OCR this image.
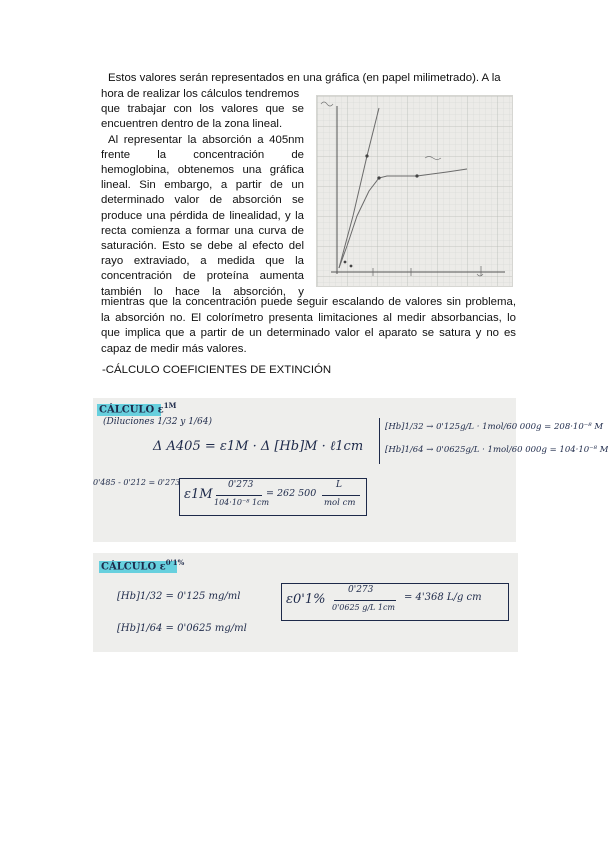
Estos valores serán representados en una gráfica (en papel milimetrado). A la
hora de realizar los cálculos tendremos
que trabajar con los valores que se
encuentren dentro de la zona lineal.
Al representar la absorción a 405nm
frente la concentración de
hemoglobina, obtenemos una gráfica
lineal. Sin embargo, a partir de un
determinado valor de absorción se
produce una pérdida de linealidad, y la
recta comienza a formar una curva de
saturación. Esto se debe al efecto del
rayo extraviado, a medida que la
concentración de proteína aumenta
también lo hace la absorción, y
mientras que la concentración puede seguir escalando de valores sin problema,
la absorción no. El colorímetro presenta limitaciones al medir absorbancias, lo
que implica que a partir de un determinado valor el aparato se satura y no es
capaz de medir más valores.
-CÁLCULO COEFICIENTES DE EXTINCIÓN
CÁLCULO $\varepsilon^{1M}$
(Diluciones 1/32 y 1/64)
Δ A405 = ε1M · Δ [Hb]M · ℓ1cm
[Hb]1/32 → 0'125g/L · 1mol/60 000g = 208·10⁻⁸ M
[Hb]1/64 → 0'0625g/L · 1mol/60 000g = 104·10⁻⁸ M
0'485 - 0'212 = 0'273
ε1M
0'273
104·10⁻⁸ 1cm
= 262 500
L
mol cm
CÁLCULO $\varepsilon^{0'1\%}$
[Hb]1/32 = 0'125 mg/ml
[Hb]1/64 = 0'0625 mg/ml
ε0'1%
0'273
0'0625 g/L 1cm
= 4'368 L/g cm
